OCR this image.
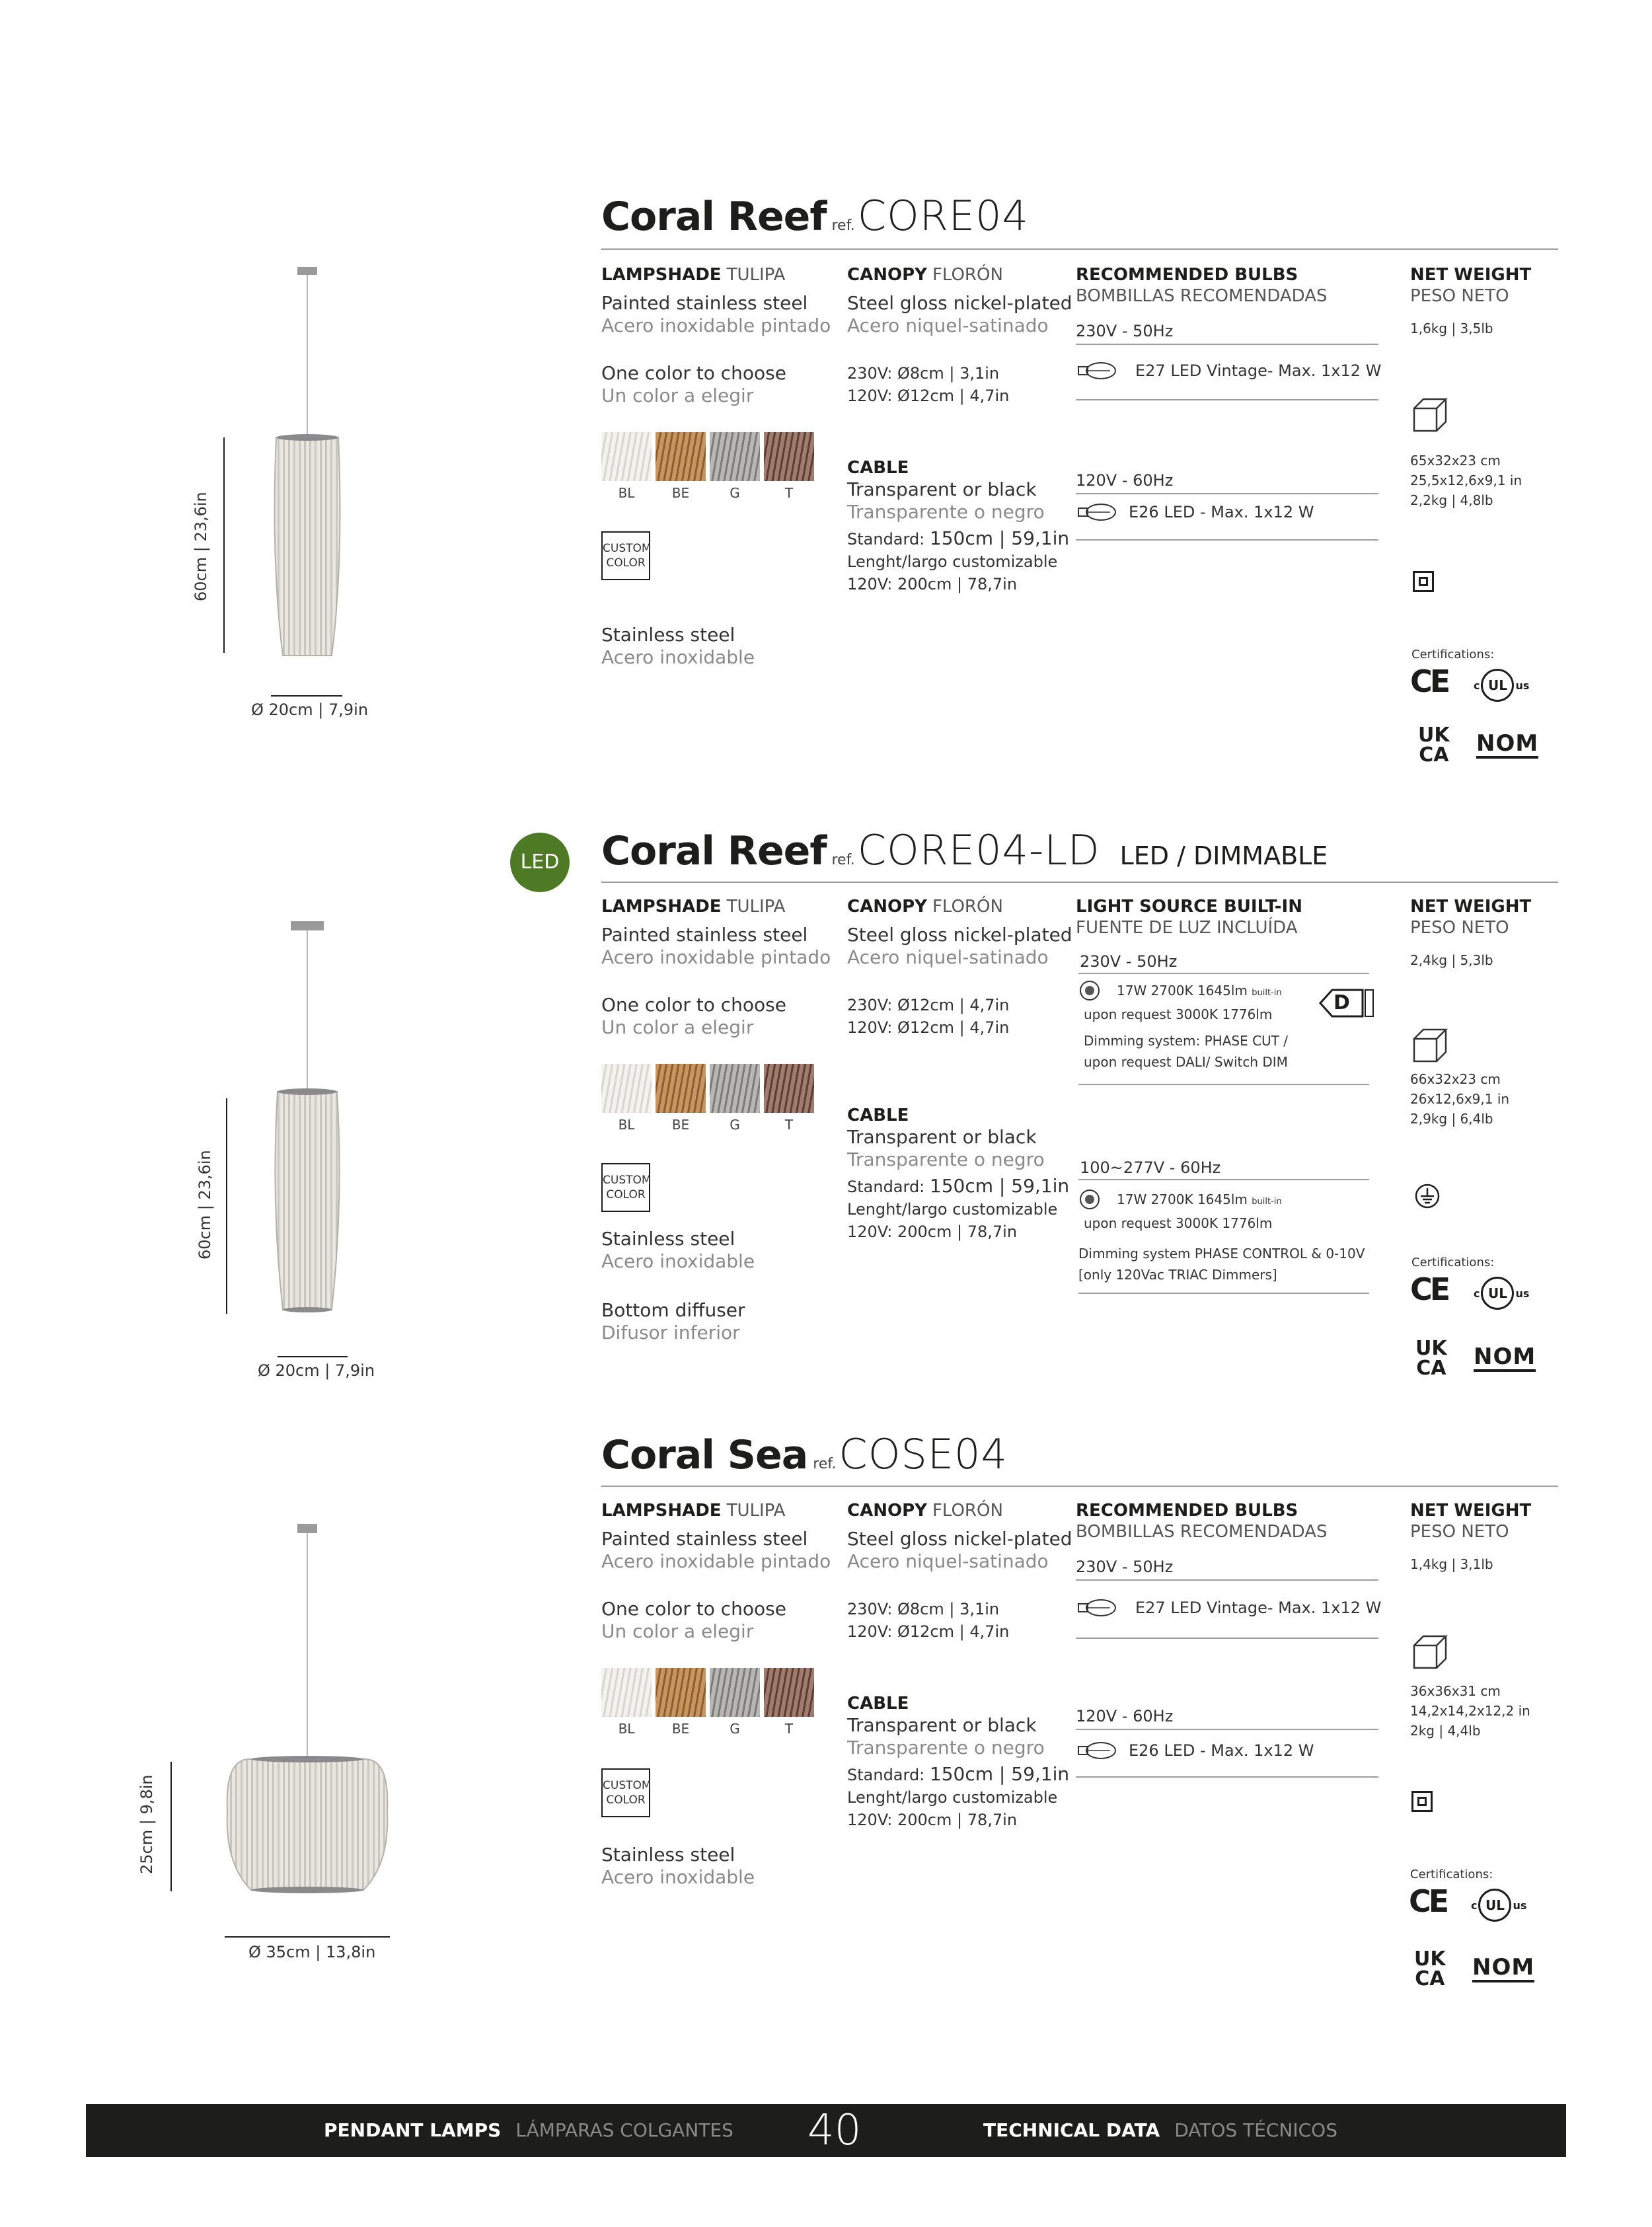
60cm | 23,6in
Ø 20cm | 7,9in
Coral Reef ref.CORE04
LAMPSHADE TULIPA
Painted stainless steel
Acero inoxidable pintado
One color to choose
Un color a elegir
BL	BE	G	T
CUSTOM
COLOR
Stainless steel
Acero inoxidable
CANOPY FLORÓN
Steel gloss nickel-plated
Acero niquel-satinado
230V: Ø8cm | 3,1in
120V: Ø12cm | 4,7in
CABLE
Transparent or black
Transparente o negro
Standard: 150cm | 59,1in
Lenght/largo customizable
120V: 200cm | 78,7in
RECOMMENDED BULBS
BOMBILLAS RECOMENDADAS
230V - 50Hz
E27 LED Vintage- Max. 1x12 W
120V - 60Hz
E26 LED - Max. 1x12 W
NET WEIGHT
PESO NETO
1,6kg | 3,5lb
65x32x23 cm
25,5x12,6x9,1 in
2,2kg | 4,8lb
Certifications:
CE c UL us
UK
CA NOM
LED
60cm | 23,6in
Ø 20cm | 7,9in
Coral Reef ref.CORE04-LD LED / DIMMABLE
LAMPSHADE TULIPA
Painted stainless steel
Acero inoxidable pintado
One color to choose
Un color a elegir
BL	BE	G	T
CUSTOM
COLOR
Stainless steel
Acero inoxidable
Bottom diffuser
Difusor inferior
CANOPY FLORÓN
Steel gloss nickel-plated
Acero niquel-satinado
230V: Ø12cm | 4,7in
120V: Ø12cm | 4,7in
CABLE
Transparent or black
Transparente o negro
Standard: 150cm | 59,1in
Lenght/largo customizable
120V: 200cm | 78,7in
LIGHT SOURCE BUILT-IN
FUENTE DE LUZ INCLUÍDA
230V - 50Hz
17W 2700K 1645lm built-in
upon request 3000K 1776lm	D
Dimming system: PHASE CUT /
upon request DALI/ Switch DIM
100~277V - 60Hz
17W 2700K 1645lm built-in
upon request 3000K 1776lm
Dimming system PHASE CONTROL & 0-10V
[only 120Vac TRIAC Dimmers]
NET WEIGHT
PESO NETO
2,4kg | 5,3lb
66x32x23 cm
26x12,6x9,1 in
2,9kg | 6,4lb
Certifications:
CE c UL us
UK
CA NOM
25cm | 9,8in
Ø 35cm | 13,8in
Coral Sea ref.COSE04
LAMPSHADE TULIPA
Painted stainless steel
Acero inoxidable pintado
One color to choose
Un color a elegir
BL	BE	G	T
CUSTOM
COLOR
Stainless steel
Acero inoxidable
CANOPY FLORÓN
Steel gloss nickel-plated
Acero niquel-satinado
230V: Ø8cm | 3,1in
120V: Ø12cm | 4,7in
CABLE
Transparent or black
Transparente o negro
Standard: 150cm | 59,1in
Lenght/largo customizable
120V: 200cm | 78,7in
RECOMMENDED BULBS
BOMBILLAS RECOMENDADAS
230V - 50Hz
E27 LED Vintage- Max. 1x12 W
120V - 60Hz
E26 LED - Max. 1x12 W
NET WEIGHT
PESO NETO
1,4kg | 3,1lb
36x36x31 cm
14,2x14,2x12,2 in
2kg | 4,4lb
Certifications:
CE c UL us
UK
CA NOM
PENDANT LAMPS LÁMPARAS COLGANTES 40	TECHNICAL DATA DATOS TÉCNICOS
